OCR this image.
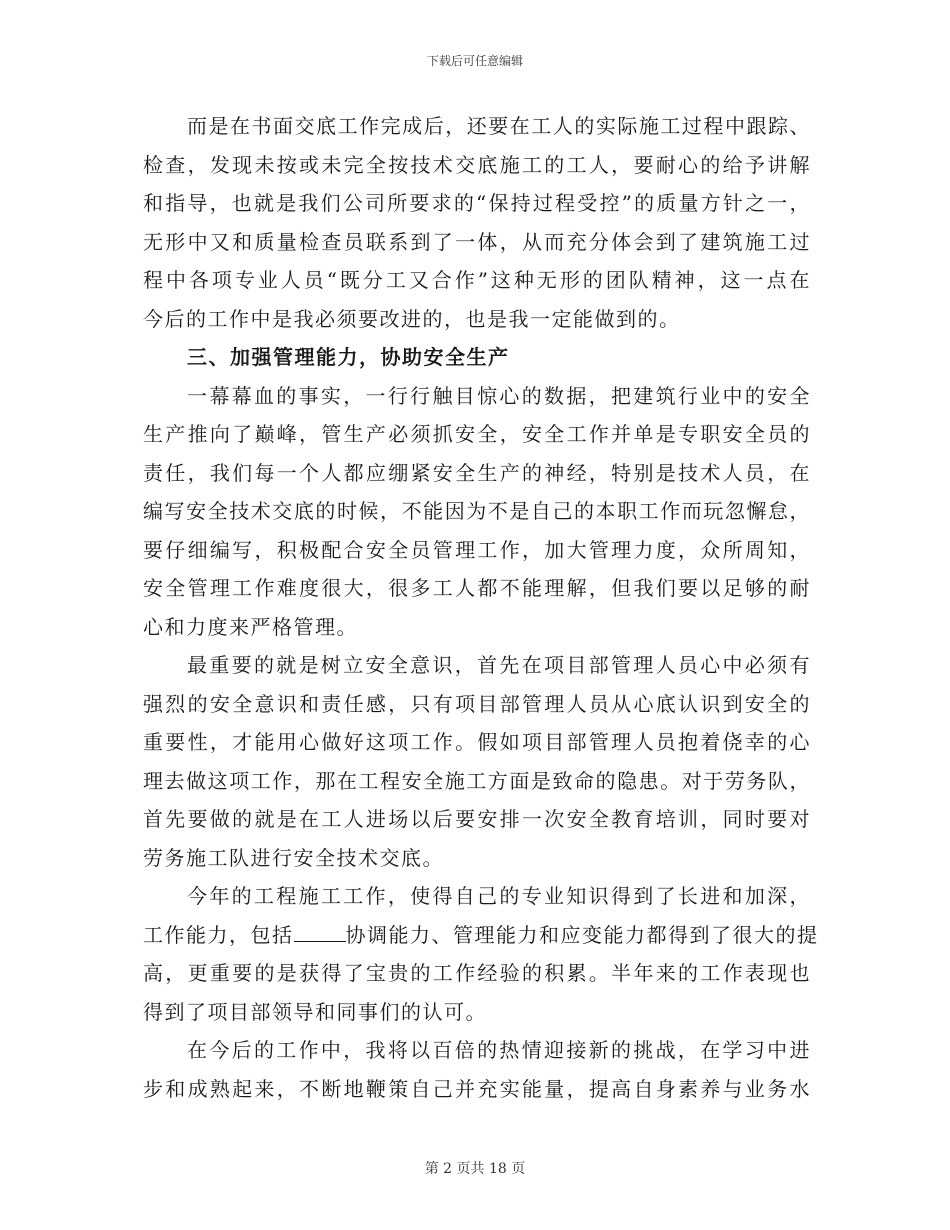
下载后可任意编辑
而是在书面交底工作完成后，还要在工人的实际施工过程中跟踪、
检查，发现未按或未完全按技术交底施工的工人，要耐心的给予讲解
和指导，也就是我们公司所要求的“保持过程受控”的质量方针之一，
无形中又和质量检查员联系到了一体，从而充分体会到了建筑施工过
程中各项专业人员“既分工又合作”这种无形的团队精神，这一点在
今后的工作中是我必须要改进的，也是我一定能做到的。
三、加强管理能力，协助安全生产
一幕幕血的事实，一行行触目惊心的数据，把建筑行业中的安全
生产推向了巅峰，管生产必须抓安全，安全工作并单是专职安全员的
责任，我们每一个人都应绷紧安全生产的神经，特别是技术人员，在
编写安全技术交底的时候，不能因为不是自己的本职工作而玩忽懈怠，
要仔细编写，积极配合安全员管理工作，加大管理力度，众所周知，
安全管理工作难度很大，很多工人都不能理解，但我们要以足够的耐
心和力度来严格管理。
最重要的就是树立安全意识，首先在项目部管理人员心中必须有
强烈的安全意识和责任感，只有项目部管理人员从心底认识到安全的
重要性，才能用心做好这项工作。假如项目部管理人员抱着侥幸的心
理去做这项工作，那在工程安全施工方面是致命的隐患。对于劳务队，
首先要做的就是在工人进场以后要安排一次安全教育培训，同时要对
劳务施工队进行安全技术交底。
今年的工程施工工作，使得自己的专业知识得到了长进和加深，
工作能力，包括	协调能力、管理能力和应变能力都得到了很大的提
高，更重要的是获得了宝贵的工作经验的积累。半年来的工作表现也
得到了项目部领导和同事们的认可。
在今后的工作中，我将以百倍的热情迎接新的挑战，在学习中进
步和成熟起来，不断地鞭策自己并充实能量，提高自身素养与业务水
第 2 页共 18 页
